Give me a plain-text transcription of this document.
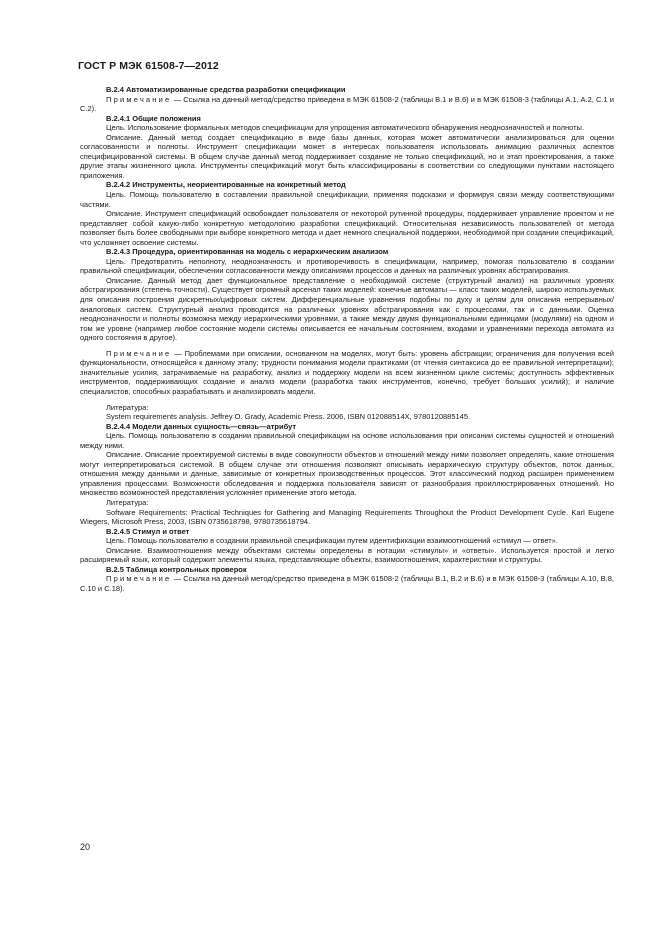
ГОСТ Р МЭК 61508-7—2012

B.2.4 Автоматизированные средства разработки спецификации

Примечание — Ссылка на данный метод/средство приведена в МЭК 61508-2 (таблицы B.1 и B.6) и в МЭК 61508-3 (таблицы A.1, A.2, C.1 и C.2).

B.2.4.1 Общие положения

Цель. Использование формальных методов спецификации для упрощения автоматического обнаружения неоднозначностей и полноты.

Описание. Данный метод создает спецификацию в виде базы данных, которая может автоматически анализироваться для оценки согласованности и полноты. Инструмент спецификации может в интересах пользователя использовать анимацию различных аспектов специфицированной системы. В общем случае данный метод поддерживает создание не только спецификаций, но и этап проектирования, а также другие этапы жизненного цикла. Инструменты спецификаций могут быть классифицированы в соответствии со следующими пунктами настоящего приложения.

B.2.4.2 Инструменты, неориентированные на конкретный метод

Цель. Помощь пользователю в составлении правильной спецификации, применяя подсказки и формируя связи между соответствующими частями.

Описание. Инструмент спецификаций освобождает пользователя от некоторой рутинной процедуры, поддерживает управление проектом и не представляет собой какую-либо конкретную методологию разработки спецификаций. Относительная независимость пользователей от метода позволяет быть более свободными при выборе конкретного метода и дает немного специальной поддержки, необходимой при создании спецификаций, что усложняет освоение системы.

B.2.4.3 Процедура, ориентированная на модель с иерархическим анализом

Цель. Предотвратить неполноту, неоднозначность и противоречивость в спецификации, например, помогая пользователю в создании правильной спецификации, обеспечении согласованности между описаниями процессов и данных на различных уровнях абстрагирования.

Описание. Данный метод дает функциональное представление о необходимой системе (структурный анализ) на различных уровнях абстрагирования (степень точности). Существует огромный арсенал таких моделей: конечные автоматы — класс таких моделей, широко используемых для описания построения дискретных/цифровых систем. Дифференциальные уравнения подобны по духу и целям для описания непрерывных/аналоговых систем. Структурный анализ проводится на различных уровнях абстрагирования как с процессами, так и с данными. Оценка неоднозначности и полноты возможна между иерархическими уровнями, а также между двумя функциональными единицами (модулями) на одном и том же уровне (например любое состояние модели системы описывается ее начальным состоянием, входами и уравнениями перехода автомата из одного состояния в другое).

Примечание — Проблемами при описании, основанном на моделях, могут быть: уровень абстракции; ограничения для получения всей функциональности, относящейся к данному этапу; трудности понимания модели практиками (от чтения синтаксиса до ее правильной интерпретации); значительные усилия, затрачиваемые на разработку, анализ и поддержку модели на всем жизненном цикле системы; доступность эффективных инструментов, поддерживающих создание и анализ модели (разработка таких инструментов, конечно, требует больших усилий); и наличие специалистов, способных разрабатывать и анализировать модели.

Литература:

System requirements analysis. Jeffrey O. Grady, Academic Press. 2006, ISBN 012088514X, 9780120885145.

B.2.4.4 Модели данных сущность—связь—атрибут

Цель. Помощь пользователю в создании правильной спецификации на основе использования при описании системы сущностей и отношений между ними.

Описание. Описание проектируемой системы в виде совокупности объектов и отношений между ними позволяет определять, какие отношения могут интерпретироваться системой. В общем случае эти отношения позволяют описывать иерархическую структуру объектов, поток данных, отношения между данными и данные, зависимые от конкретных производственных процессов. Этот классический подход расширен применением управления процессами. Возможности обследования и поддержка пользователя зависят от разнообразия проиллюстрированных отношений. Но множество возможностей представления усложняет применение этого метода.

Литература:

Software Requirements: Practical Techniques for Gathering and Managing Requirements Throughout the Product Development Cycle. Karl Eugene Wiegers, Microsoft Press, 2003, ISBN 0735618798, 9780735618794.

B.2.4.5 Стимул и ответ

Цель. Помощь пользователю в создании правильной спецификации путем идентификации взаимоотношений «стимул — ответ».

Описание. Взаимоотношения между объектами системы определены в нотации «стимулы» и «ответы». Используется простой и легко расширяемый язык, который содержит элементы языка, представляющие объекты, взаимоотношения, характеристики и структуры.

B.2.5 Таблица контрольных проверок

Примечание — Ссылка на данный метод/средство приведена в МЭК 61508-2 (таблицы B.1, B.2 и B.6) и в МЭК 61508-3 (таблицы A.10, B.8, C.10 и C.18).

20
